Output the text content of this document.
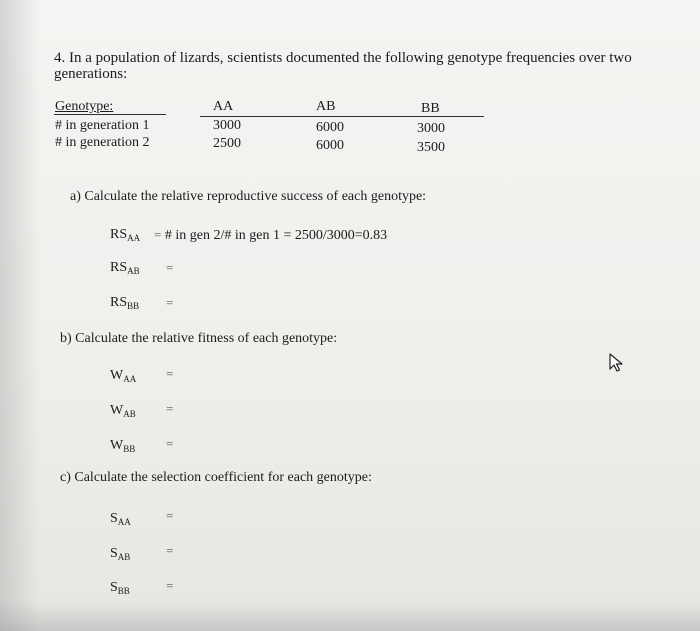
4. In a population of lizards, scientists documented the following genotype frequencies over two
generations:
Genotype:	AA	AB	BB
# in generation 1	3000	6000	3000
# in generation 2	2500	6000	3500
a) Calculate the relative reproductive success of each genotype:
$RS_{AA}$ = # in gen 2/# in gen 1 = 2500/3000=0.83
$RS_{AB}$ =
$RS_{BB}$ =
b) Calculate the relative fitness of each genotype:
$W_{AA}$ =
$W_{AB}$ =
$W_{BB}$ =
c) Calculate the selection coefficient for each genotype:
$S_{AA}$	=
$S_{AB}$	=
$S_{BB}$	=
